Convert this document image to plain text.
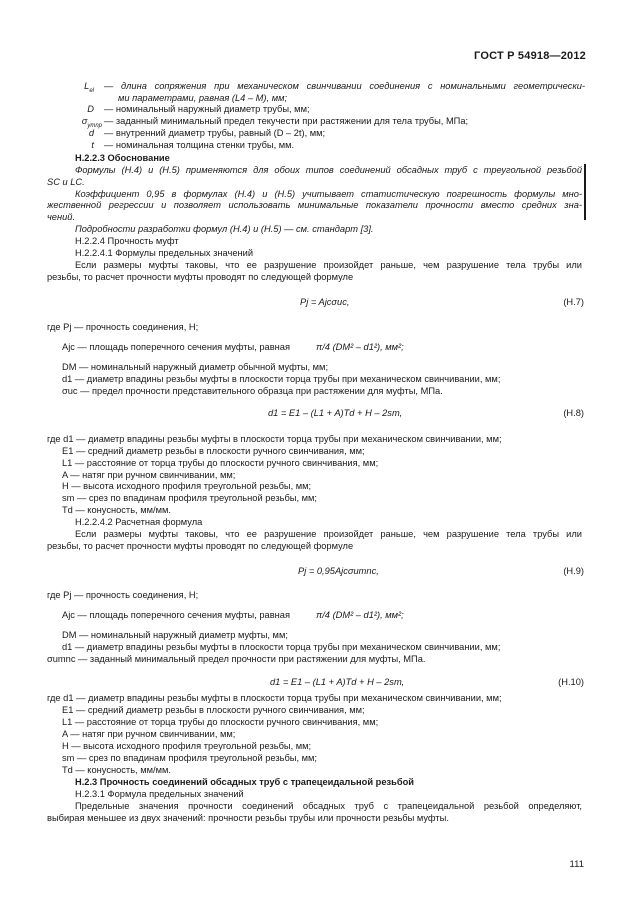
ГОСТ Р 54918—2012
$L_{el}$ — длина сопряжения при механическом свинчивании соединения с номинальными геометрически-
ми параметрами, равная (L4 – M), мм;
D — номинальный наружный диаметр трубы, мм;
$\sigma_{ymnp}$ — заданный минимальный предел текучести при растяжении для тела трубы, МПа;
d — внутренний диаметр трубы, равный (D – 2t), мм;
t — номинальная толщина стенки трубы, мм.
Н.2.2.3 Обоснование
Формулы (Н.4) и (Н.5) применяются для обоих типов соединений обсадных труб с треугольной резьбой
SC и LC.
Коэффициент 0,95 в формулах (Н.4) и (Н.5) учитывает статистическую погрешность формулы мно-
жественной регрессии и позволяет использовать минимальные показатели прочности вместо средних зна-
чений.
Подробности разработки формул (Н.4) и (Н.5) — см. стандарт [3].
Н.2.2.4 Прочность муфт
Н.2.2.4.1 Формулы предельных значений
Если размеры муфты таковы, что ее разрушение произойдет раньше, чем разрушение тела трубы или
резьбы, то расчет прочности муфты проводят по следующей формуле
Pj = Ajcσuc,	(Н.7)
где Pj — прочность соединения, Н;
Ajc — площадь поперечного сечения муфты, равная	π/4 (DM² – d1²), мм²;
DM — номинальный наружный диаметр обычной муфты, мм;
d1 — диаметр впадины резьбы муфты в плоскости торца трубы при механическом свинчивании, мм;
σuc — предел прочности представительного образца при растяжении для муфты, МПа.
d1 = E1 – (L1 + A)Td + H – 2sm,	(Н.8)
где d1 — диаметр впадины резьбы муфты в плоскости торца трубы при механическом свинчивании, мм;
E1 — средний диаметр резьбы в плоскости ручного свинчивания, мм;
L1 — расстояние от торца трубы до плоскости ручного свинчивания, мм;
A — натяг при ручном свинчивании, мм;
H — высота исходного профиля треугольной резьбы, мм;
sm — срез по впадинам профиля треугольной резьбы, мм;
Td — конусность, мм/мм.
Н.2.2.4.2 Расчетная формула
Если размеры муфты таковы, что ее разрушение произойдет раньше, чем разрушение тела трубы или
резьбы, то расчет прочности муфты проводят по следующей формуле
Pj = 0,95Ajcσumnc,	(Н.9)
где Pj — прочность соединения, Н;
Ajc — площадь поперечного сечения муфты, равная	π/4 (DM² – d1²), мм²;
DM — номинальный наружный диаметр муфты, мм;
d1 — диаметр впадины резьбы муфты в плоскости торца трубы при механическом свинчивании, мм;
σumnc — заданный минимальный предел прочности при растяжении для муфты, МПа.
d1 = E1 – (L1 + A)Td + H – 2sm,	(Н.10)
где d1 — диаметр впадины резьбы муфты в плоскости торца трубы при механическом свинчивании, мм;
E1 — средний диаметр резьбы в плоскости ручного свинчивания, мм;
L1 — расстояние от торца трубы до плоскости ручного свинчивания, мм;
A — натяг при ручном свинчивании, мм;
H — высота исходного профиля треугольной резьбы, мм;
sm — срез по впадинам профиля треугольной резьбы, мм;
Td — конусность, мм/мм.
Н.2.3 Прочность соединений обсадных труб с трапецеидальной резьбой
Н.2.3.1 Формула предельных значений
Предельные значения прочности соединений обсадных труб с трапецеидальной резьбой определяют,
выбирая меньшее из двух значений: прочности резьбы трубы или прочности резьбы муфты.
111
